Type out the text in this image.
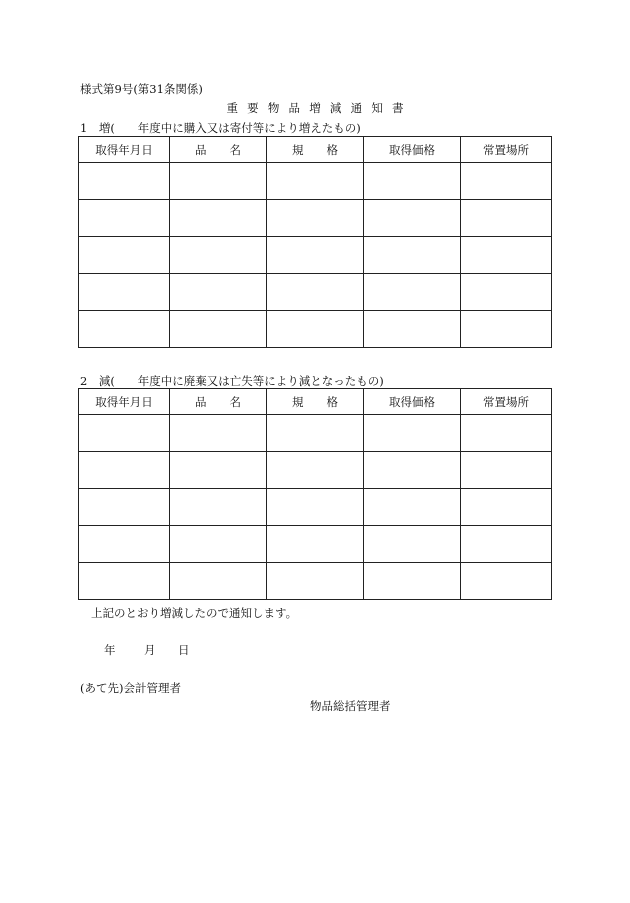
様式第9号(第31条関係)
重要物品増減通知書
1　増(　　年度中に購入又は寄付等により増えたもの)
取得年月日	品　　名	規　　格	取得価格	常置場所

2　減(　　年度中に廃棄又は亡失等により減となったもの)
取得年月日	品　　名	規　　格	取得価格	常置場所

上記のとおり増減したので通知します。
年 月 日
(あて先)会計管理者
物品総括管理者
